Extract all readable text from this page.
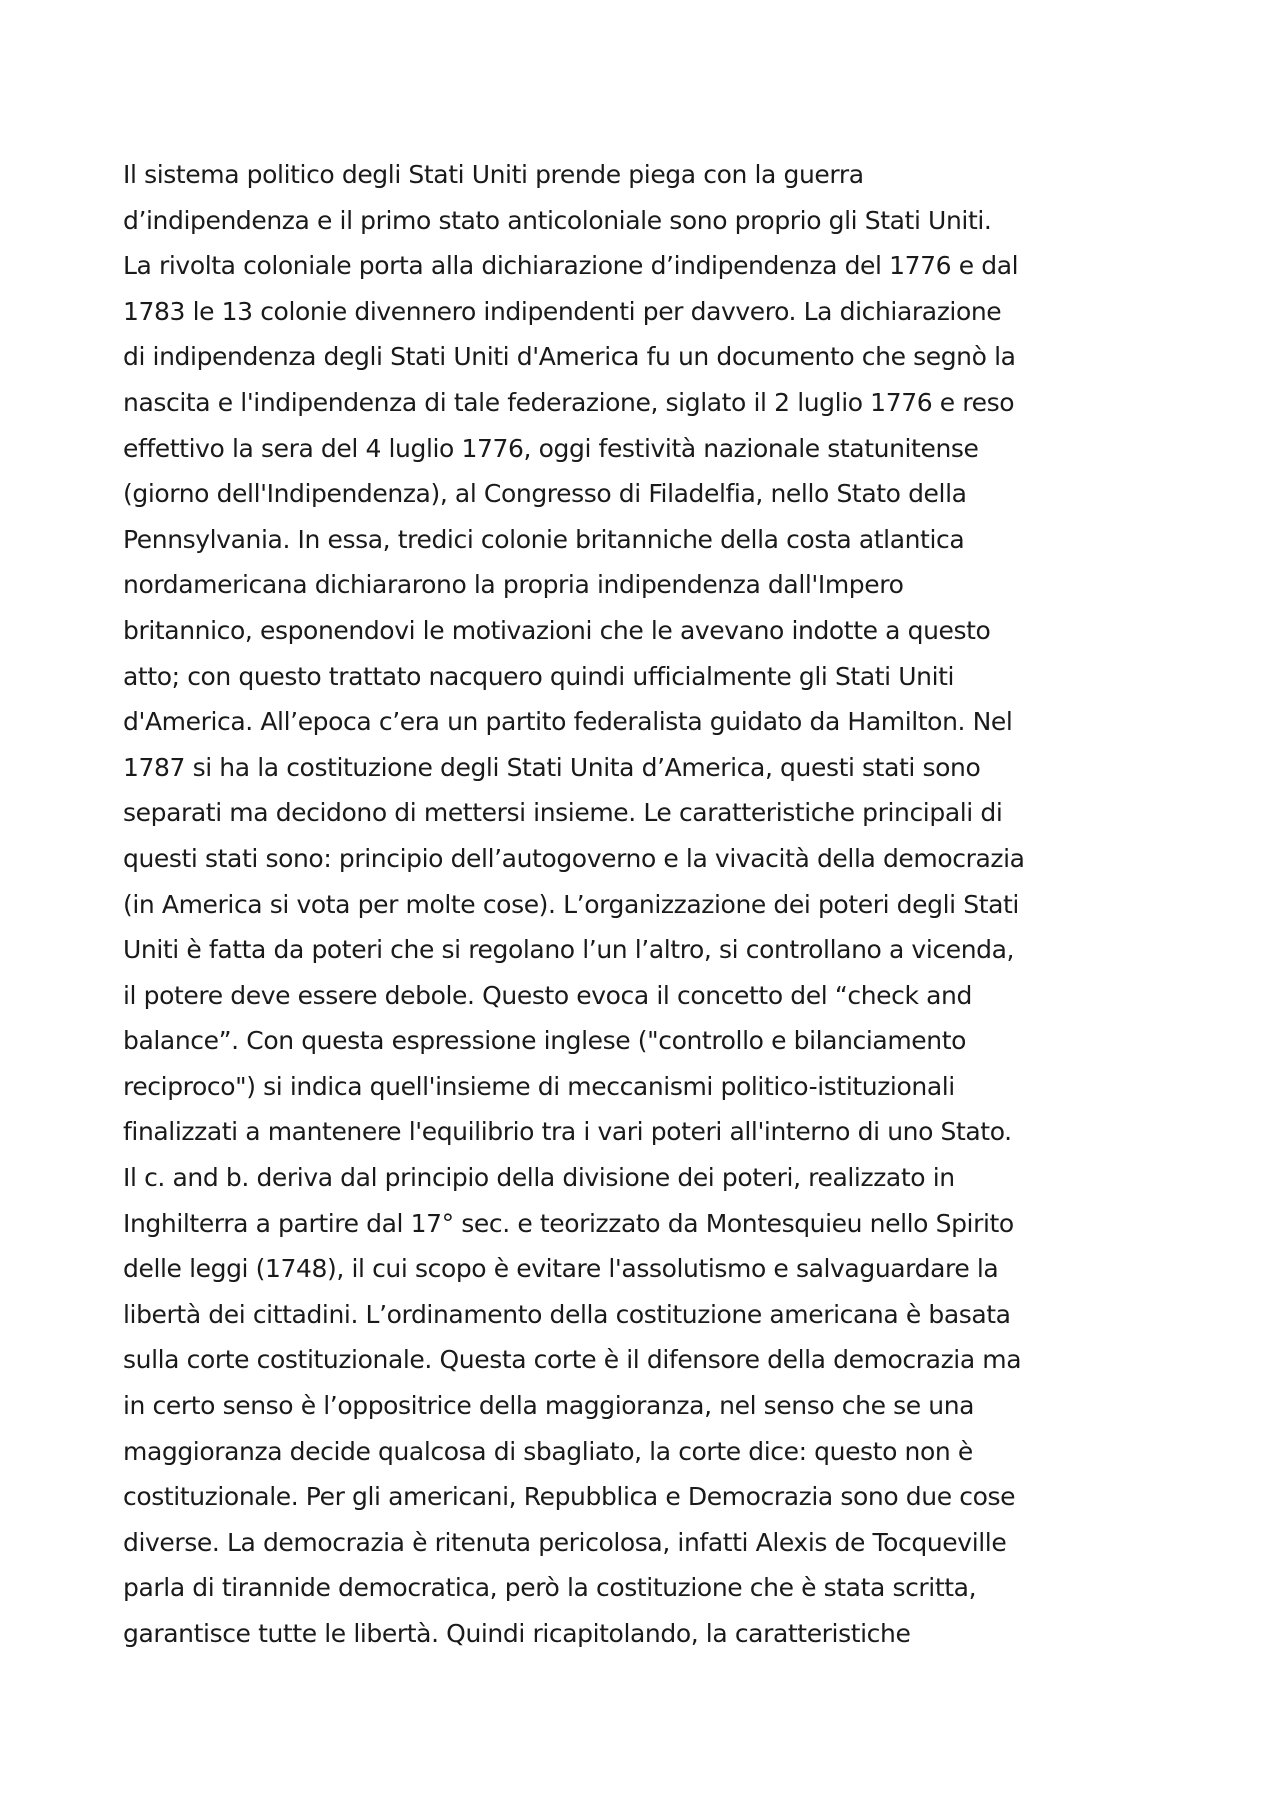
Il sistema politico degli Stati Uniti prende piega con la guerra
d’indipendenza e il primo stato anticoloniale sono proprio gli Stati Uniti.
La rivolta coloniale porta alla dichiarazione d’indipendenza del 1776 e dal
1783 le 13 colonie divennero indipendenti per davvero. La dichiarazione
di indipendenza degli Stati Uniti d'America fu un documento che segnò la
nascita e l'indipendenza di tale federazione, siglato il 2 luglio 1776 e reso
effettivo la sera del 4 luglio 1776, oggi festività nazionale statunitense
(giorno dell'Indipendenza), al Congresso di Filadelfia, nello Stato della
Pennsylvania. In essa, tredici colonie britanniche della costa atlantica
nordamericana dichiararono la propria indipendenza dall'Impero
britannico, esponendovi le motivazioni che le avevano indotte a questo
atto; con questo trattato nacquero quindi ufficialmente gli Stati Uniti
d'America. All’epoca c’era un partito federalista guidato da Hamilton. Nel
1787 si ha la costituzione degli Stati Unita d’America, questi stati sono
separati ma decidono di mettersi insieme. Le caratteristiche principali di
questi stati sono: principio dell’autogoverno e la vivacità della democrazia
(in America si vota per molte cose). L’organizzazione dei poteri degli Stati
Uniti è fatta da poteri che si regolano l’un l’altro, si controllano a vicenda,
il potere deve essere debole. Questo evoca il concetto del “check and
balance”. Con questa espressione inglese ("controllo e bilanciamento
reciproco") si indica quell'insieme di meccanismi politico-istituzionali
finalizzati a mantenere l'equilibrio tra i vari poteri all'interno di uno Stato.
Il c. and b. deriva dal principio della divisione dei poteri, realizzato in
Inghilterra a partire dal 17° sec. e teorizzato da Montesquieu nello Spirito
delle leggi (1748), il cui scopo è evitare l'assolutismo e salvaguardare la
libertà dei cittadini. L’ordinamento della costituzione americana è basata
sulla corte costituzionale. Questa corte è il difensore della democrazia ma
in certo senso è l’oppositrice della maggioranza, nel senso che se una
maggioranza decide qualcosa di sbagliato, la corte dice: questo non è
costituzionale. Per gli americani, Repubblica e Democrazia sono due cose
diverse. La democrazia è ritenuta pericolosa, infatti Alexis de Tocqueville
parla di tirannide democratica, però la costituzione che è stata scritta,
garantisce tutte le libertà. Quindi ricapitolando, la caratteristiche
